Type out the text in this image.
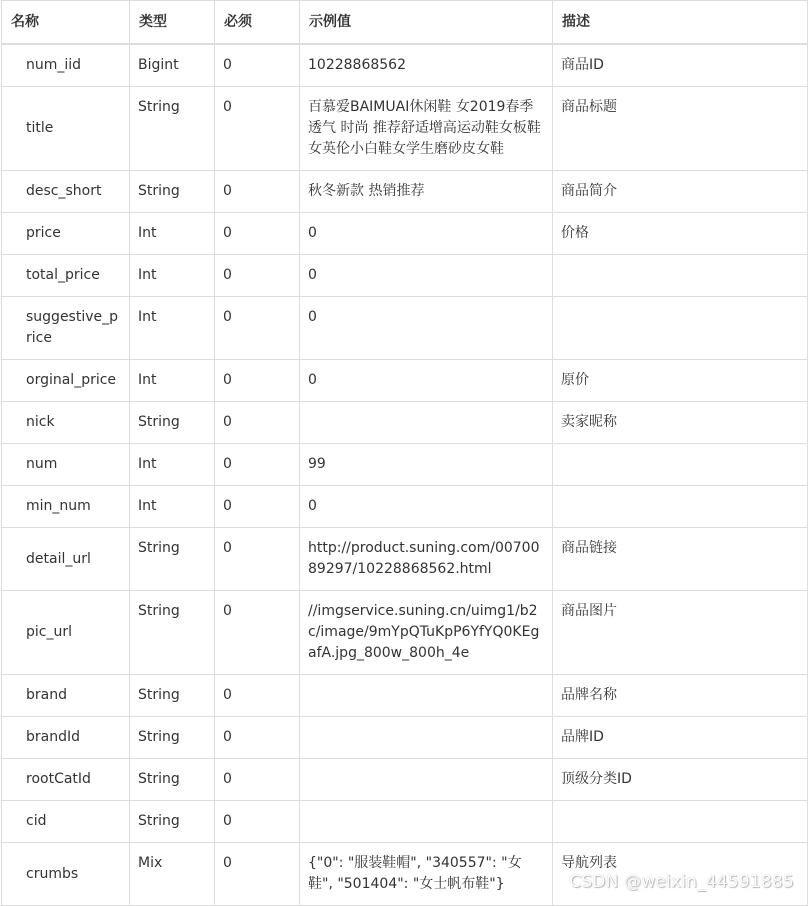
名称	类型	必须	示例值	描述
num_iid	Bigint	0	10228868562	商品ID
title	String	0	百慕爱BAIMUAI休闲鞋 女2019春季透气 时尚 推荐舒适增高运动鞋女板鞋女英伦小白鞋女学生磨砂皮女鞋	商品标题
desc_short	String	0	秋冬新款 热销推荐	商品简介
price	Int	0	0	价格
total_price	Int	0	0	
suggestive_price	Int	0	0	
orginal_price	Int	0	0	原价
nick	String	0		卖家昵称
num	Int	0	99	
min_num	Int	0	0	
detail_url	String	0	http://product.suning.com/0070089297/10228868562.html	商品链接
pic_url	String	0	//imgservice.suning.cn/uimg1/b2c/image/9mYpQTuKpP6YfYQ0KEgafA.jpg_800w_800h_4e	商品图片
brand	String	0		品牌名称
brandId	String	0		品牌ID
rootCatId	String	0		顶级分类ID
cid	String	0		
crumbs	Mix	0	{"0": "服装鞋帽", "340557": "女鞋", "501404": "女士帆布鞋"}	导航列表
CSDN @weixin_44591885
